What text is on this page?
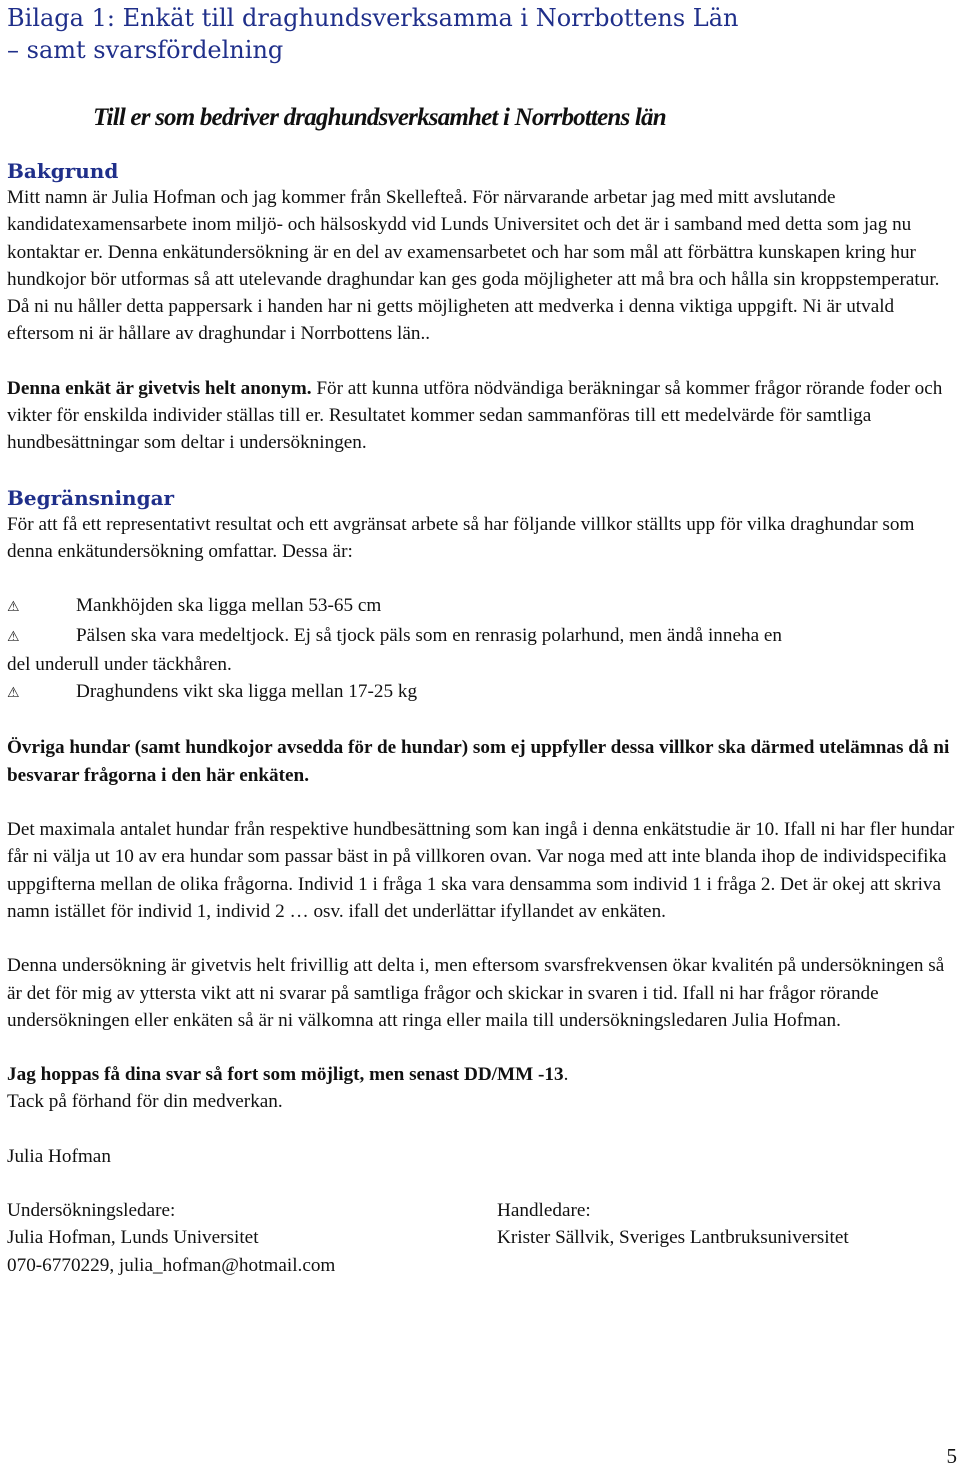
Bilaga 1: Enkät till draghundsverksamma i Norrbottens Län
– samt svarsfördelning
Till er som bedriver draghundsverksamhet i Norrbottens län
Bakgrund

Mitt namn är Julia Hofman och jag kommer från Skellefteå. För närvarande arbetar jag med mitt avslutande kandidatexamensarbete inom miljö- och hälsoskydd vid Lunds Universitet och det är i samband med detta som jag nu kontaktar er. Denna enkätundersökning är en del av examensarbetet och har som mål att förbättra kunskapen kring hur hundkojor bör utformas så att utelevande draghundar kan ges goda möjligheter att må bra och hålla sin kroppstemperatur. Då ni nu håller detta pappersark i handen har ni getts möjligheten att medverka i denna viktiga uppgift. Ni är utvald eftersom ni är hållare av draghundar i Norrbottens län..

Denna enkät är givetvis helt anonym. För att kunna utföra nödvändiga beräkningar så kommer frågor rörande foder och vikter för enskilda individer ställas till er. Resultatet kommer sedan sammanföras till ett medelvärde för samtliga hundbesättningar som deltar i undersökningen.

Begränsningar

För att få ett representativt resultat och ett avgränsat arbete så har följande villkor ställts upp för vilka draghundar som denna enkätundersökning omfattar. Dessa är:

⚠	Mankhöjden ska ligga mellan 53-65 cm
⚠	Pälsen ska vara medeltjock. Ej så tjock päls som en renrasig polarhund, men ändå inneha en
del underull under täckhåren.
⚠	Draghundens vikt ska ligga mellan 17-25 kg

Övriga hundar (samt hundkojor avsedda för de hundar) som ej uppfyller dessa villkor ska därmed utelämnas då ni besvarar frågorna i den här enkäten.

Det maximala antalet hundar från respektive hundbesättning som kan ingå i denna enkätstudie är 10. Ifall ni har fler hundar får ni välja ut 10 av era hundar som passar bäst in på villkoren ovan. Var noga med att inte blanda ihop de individspecifika uppgifterna mellan de olika frågorna. Individ 1 i fråga 1 ska vara densamma som individ 1 i fråga 2. Det är okej att skriva namn istället för individ 1, individ 2 … osv. ifall det underlättar ifyllandet av enkäten.

Denna undersökning är givetvis helt frivillig att delta i, men eftersom svarsfrekvensen ökar kvalitén på undersökningen så är det för mig av yttersta vikt att ni svarar på samtliga frågor och skickar in svaren i tid. Ifall ni har frågor rörande undersökningen eller enkäten så är ni välkomna att ringa eller maila till undersökningsledaren Julia Hofman.

Jag hoppas få dina svar så fort som möjligt, men senast DD/MM -13.

Tack på förhand för din medverkan.

Julia Hofman

Undersökningsledare:

Julia Hofman, Lunds Universitet

070-6770229, julia_hofman@hotmail.com

Handledare:

Krister Sällvik, Sveriges Lantbruksuniversitet

5
